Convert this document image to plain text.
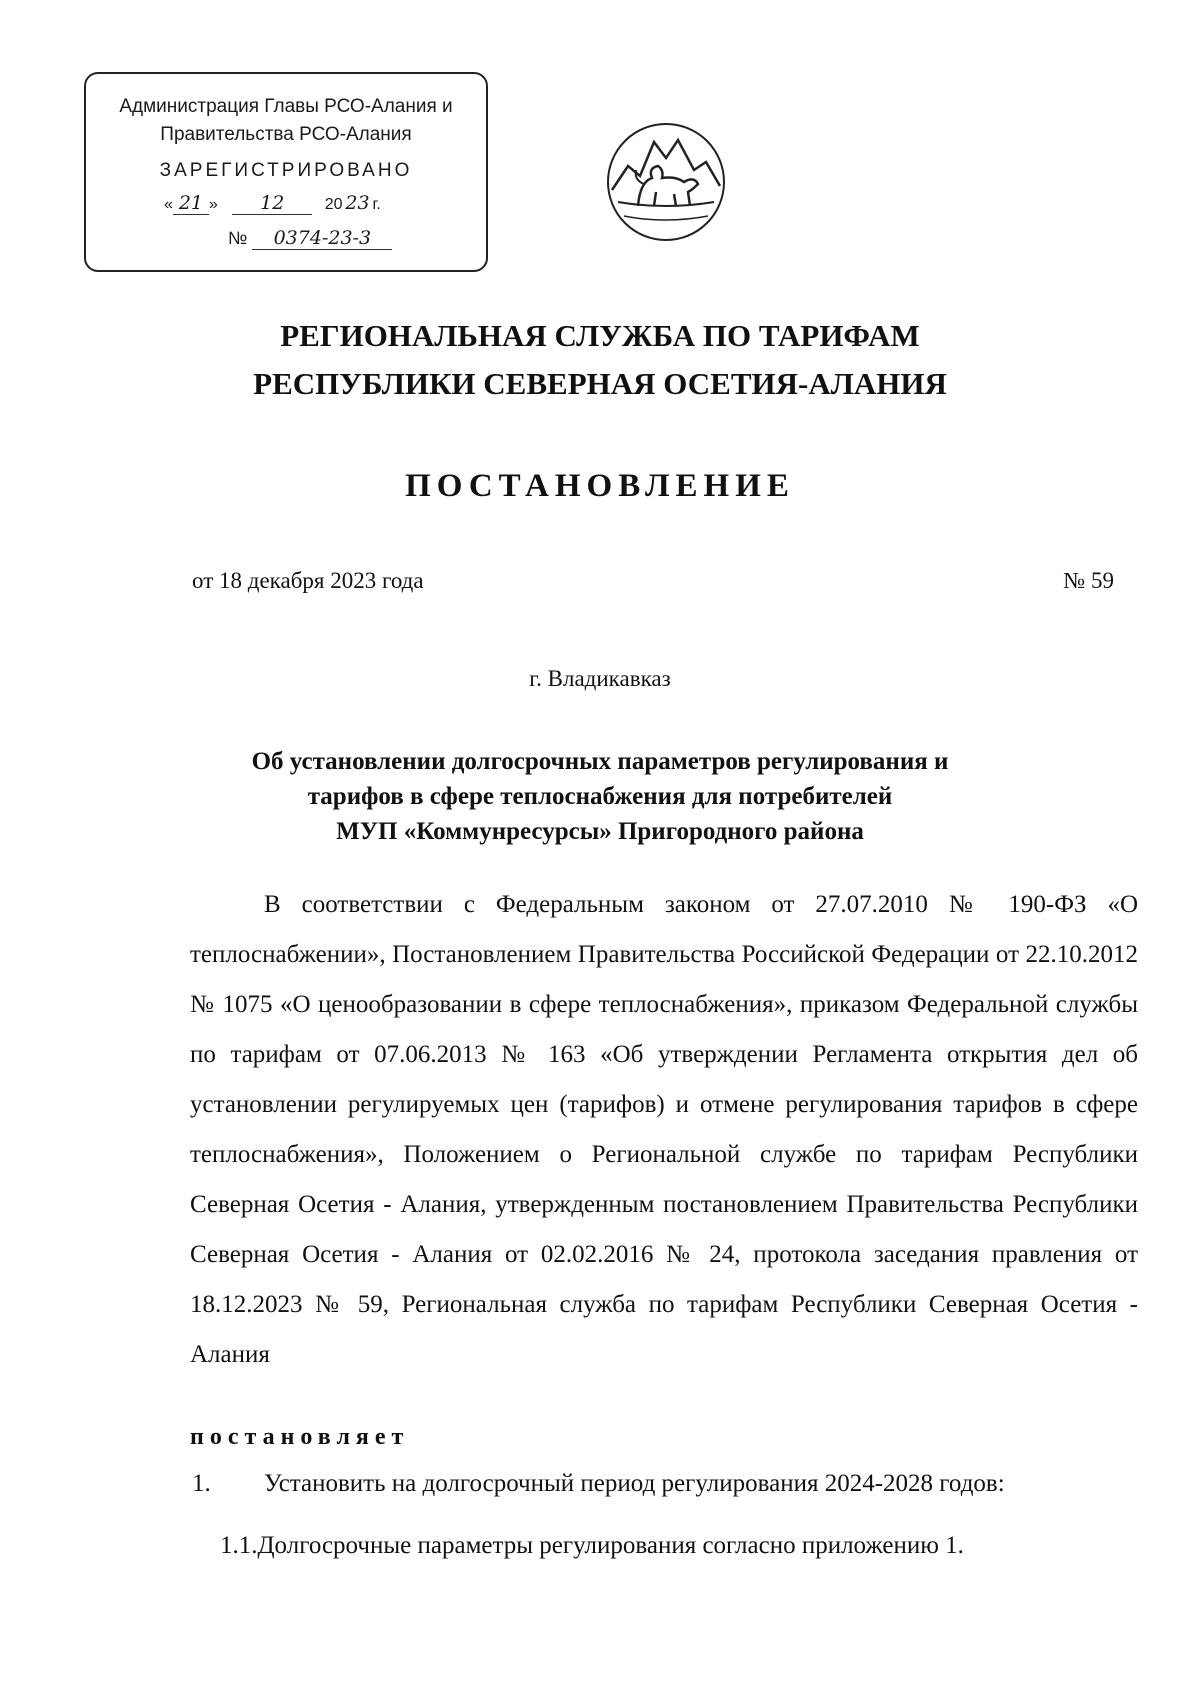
Администрация Главы РСО-Алания и
Правительства РСО-Алания
ЗАРЕГИСТРИРОВАНО
« 21 » 12	20 23 г.
№ 0374-23-3
РЕГИОНАЛЬНАЯ СЛУЖБА ПО ТАРИФАМ
РЕСПУБЛИКИ СЕВЕРНАЯ ОСЕТИЯ-АЛАНИЯ
ПОСТАНОВЛЕНИЕ
от 18 декабря 2023 года	№ 59
г. Владикавказ
Об установлении долгосрочных параметров регулирования и
тарифов в сфере теплоснабжения для потребителей
МУП «Коммунресурсы» Пригородного района
В соответствии с Федеральным законом от 27.07.2010 № 190-ФЗ «О теплоснабжении», Постановлением Правительства Российской Федерации от 22.10.2012 № 1075 «О ценообразовании в сфере теплоснабжения», приказом Федеральной службы по тарифам от 07.06.2013 № 163 «Об утверждении Регламента открытия дел об установлении регулируемых цен (тарифов) и отмене регулирования тарифов в сфере теплоснабжения», Положением о Региональной службе по тарифам Республики Северная Осетия - Алания, утвержденным постановлением Правительства Республики Северная Осетия - Алания от 02.02.2016 № 24, протокола заседания правления от 18.12.2023 № 59, Региональная служба по тарифам Республики Северная Осетия - Алания
постановляет
1. Установить на долгосрочный период регулирования 2024-2028 годов:
1.1.Долгосрочные параметры регулирования согласно приложению 1.
